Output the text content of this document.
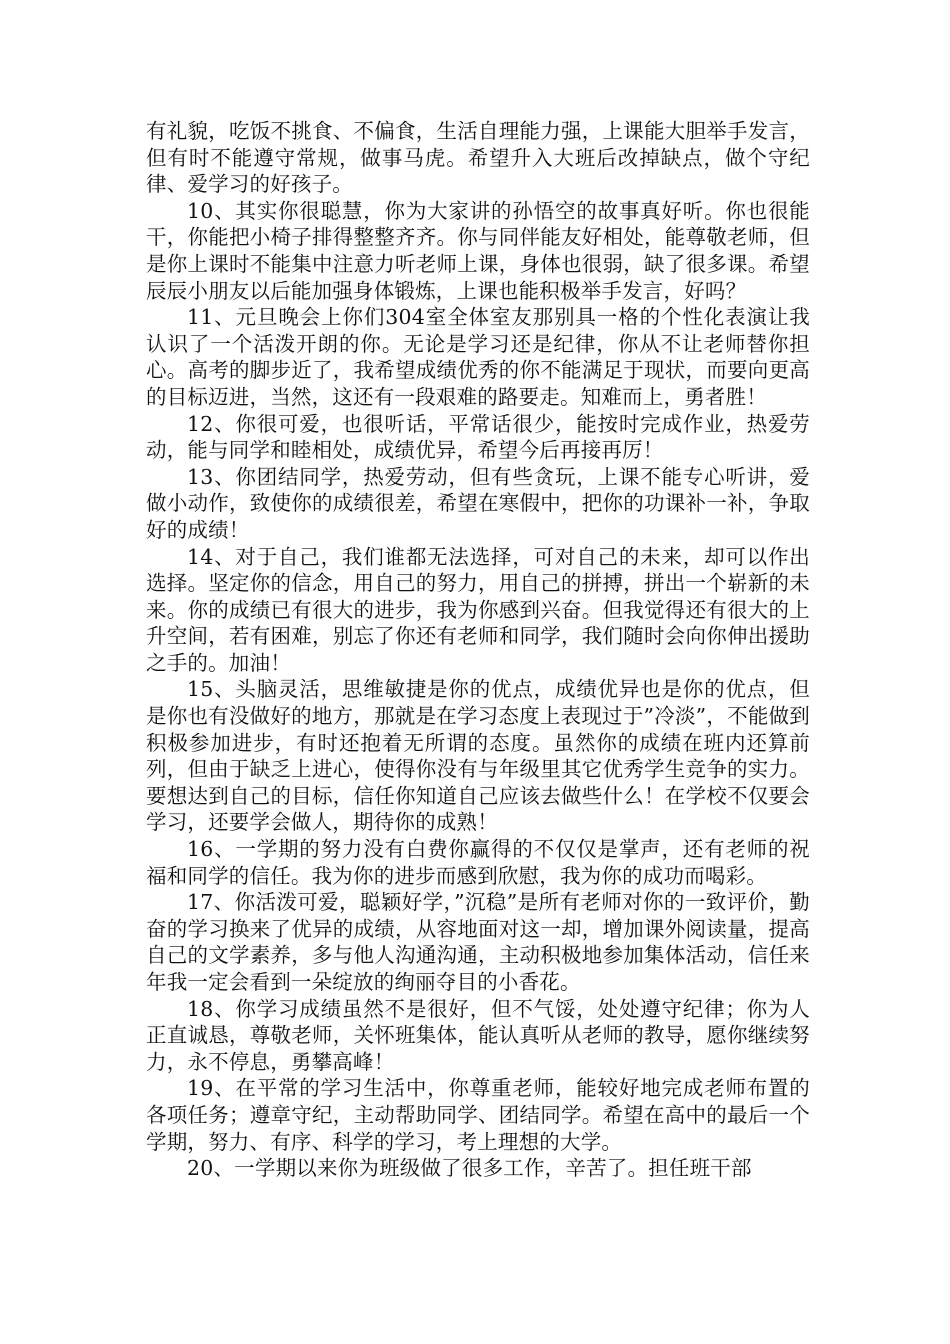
有礼貌，吃饭不挑食、不偏食，生活自理能力强，上课能大胆举手发言，但有时不能遵守常规，做事马虎。希望升入大班后改掉缺点，做个守纪律、爱学习的好孩子。

10、其实你很聪慧，你为大家讲的孙悟空的故事真好听。你也很能干，你能把小椅子排得整整齐齐。你与同伴能友好相处，能尊敬老师，但是你上课时不能集中注意力听老师上课，身体也很弱，缺了很多课。希望辰辰小朋友以后能加强身体锻炼，上课也能积极举手发言，好吗？

11、元旦晚会上你们304室全体室友那别具一格的个性化表演让我认识了一个活泼开朗的你。无论是学习还是纪律，你从不让老师替你担心。高考的脚步近了，我希望成绩优秀的你不能满足于现状，而要向更高的目标迈进，当然，这还有一段艰难的路要走。知难而上，勇者胜！

12、你很可爱，也很听话，平常话很少，能按时完成作业，热爱劳动，能与同学和睦相处，成绩优异，希望今后再接再厉！

13、你团结同学，热爱劳动，但有些贪玩，上课不能专心听讲，爱做小动作，致使你的成绩很差，希望在寒假中，把你的功课补一补，争取好的成绩！

14、对于自己，我们谁都无法选择，可对自己的未来，却可以作出选择。坚定你的信念，用自己的努力，用自己的拼搏，拼出一个崭新的未来。你的成绩已有很大的进步，我为你感到兴奋。但我觉得还有很大的上升空间，若有困难，别忘了你还有老师和同学，我们随时会向你伸出援助之手的。加油！

15、头脑灵活，思维敏捷是你的优点，成绩优异也是你的优点，但是你也有没做好的地方，那就是在学习态度上表现过于”冷淡”，不能做到积极参加进步，有时还抱着无所谓的态度。虽然你的成绩在班内还算前列，但由于缺乏上进心，使得你没有与年级里其它优秀学生竞争的实力。要想达到自己的目标，信任你知道自己应该去做些什么！在学校不仅要会学习，还要学会做人，期待你的成熟！

16、一学期的努力没有白费你赢得的不仅仅是掌声，还有老师的祝福和同学的信任。我为你的进步而感到欣慰，我为你的成功而喝彩。

17、你活泼可爱，聪颖好学，”沉稳”是所有老师对你的一致评价，勤奋的学习换来了优异的成绩，从容地面对这一却，增加课外阅读量，提高自己的文学素养，多与他人沟通沟通，主动积极地参加集体活动，信任来年我一定会看到一朵绽放的绚丽夺目的小香花。

18、你学习成绩虽然不是很好，但不气馁，处处遵守纪律；你为人正直诚恳，尊敬老师，关怀班集体，能认真听从老师的教导，愿你继续努力，永不停息，勇攀高峰！

19、在平常的学习生活中，你尊重老师，能较好地完成老师布置的各项任务；遵章守纪，主动帮助同学、团结同学。希望在高中的最后一个学期，努力、有序、科学的学习，考上理想的大学。

20、一学期以来你为班级做了很多工作，辛苦了。担任班干部
